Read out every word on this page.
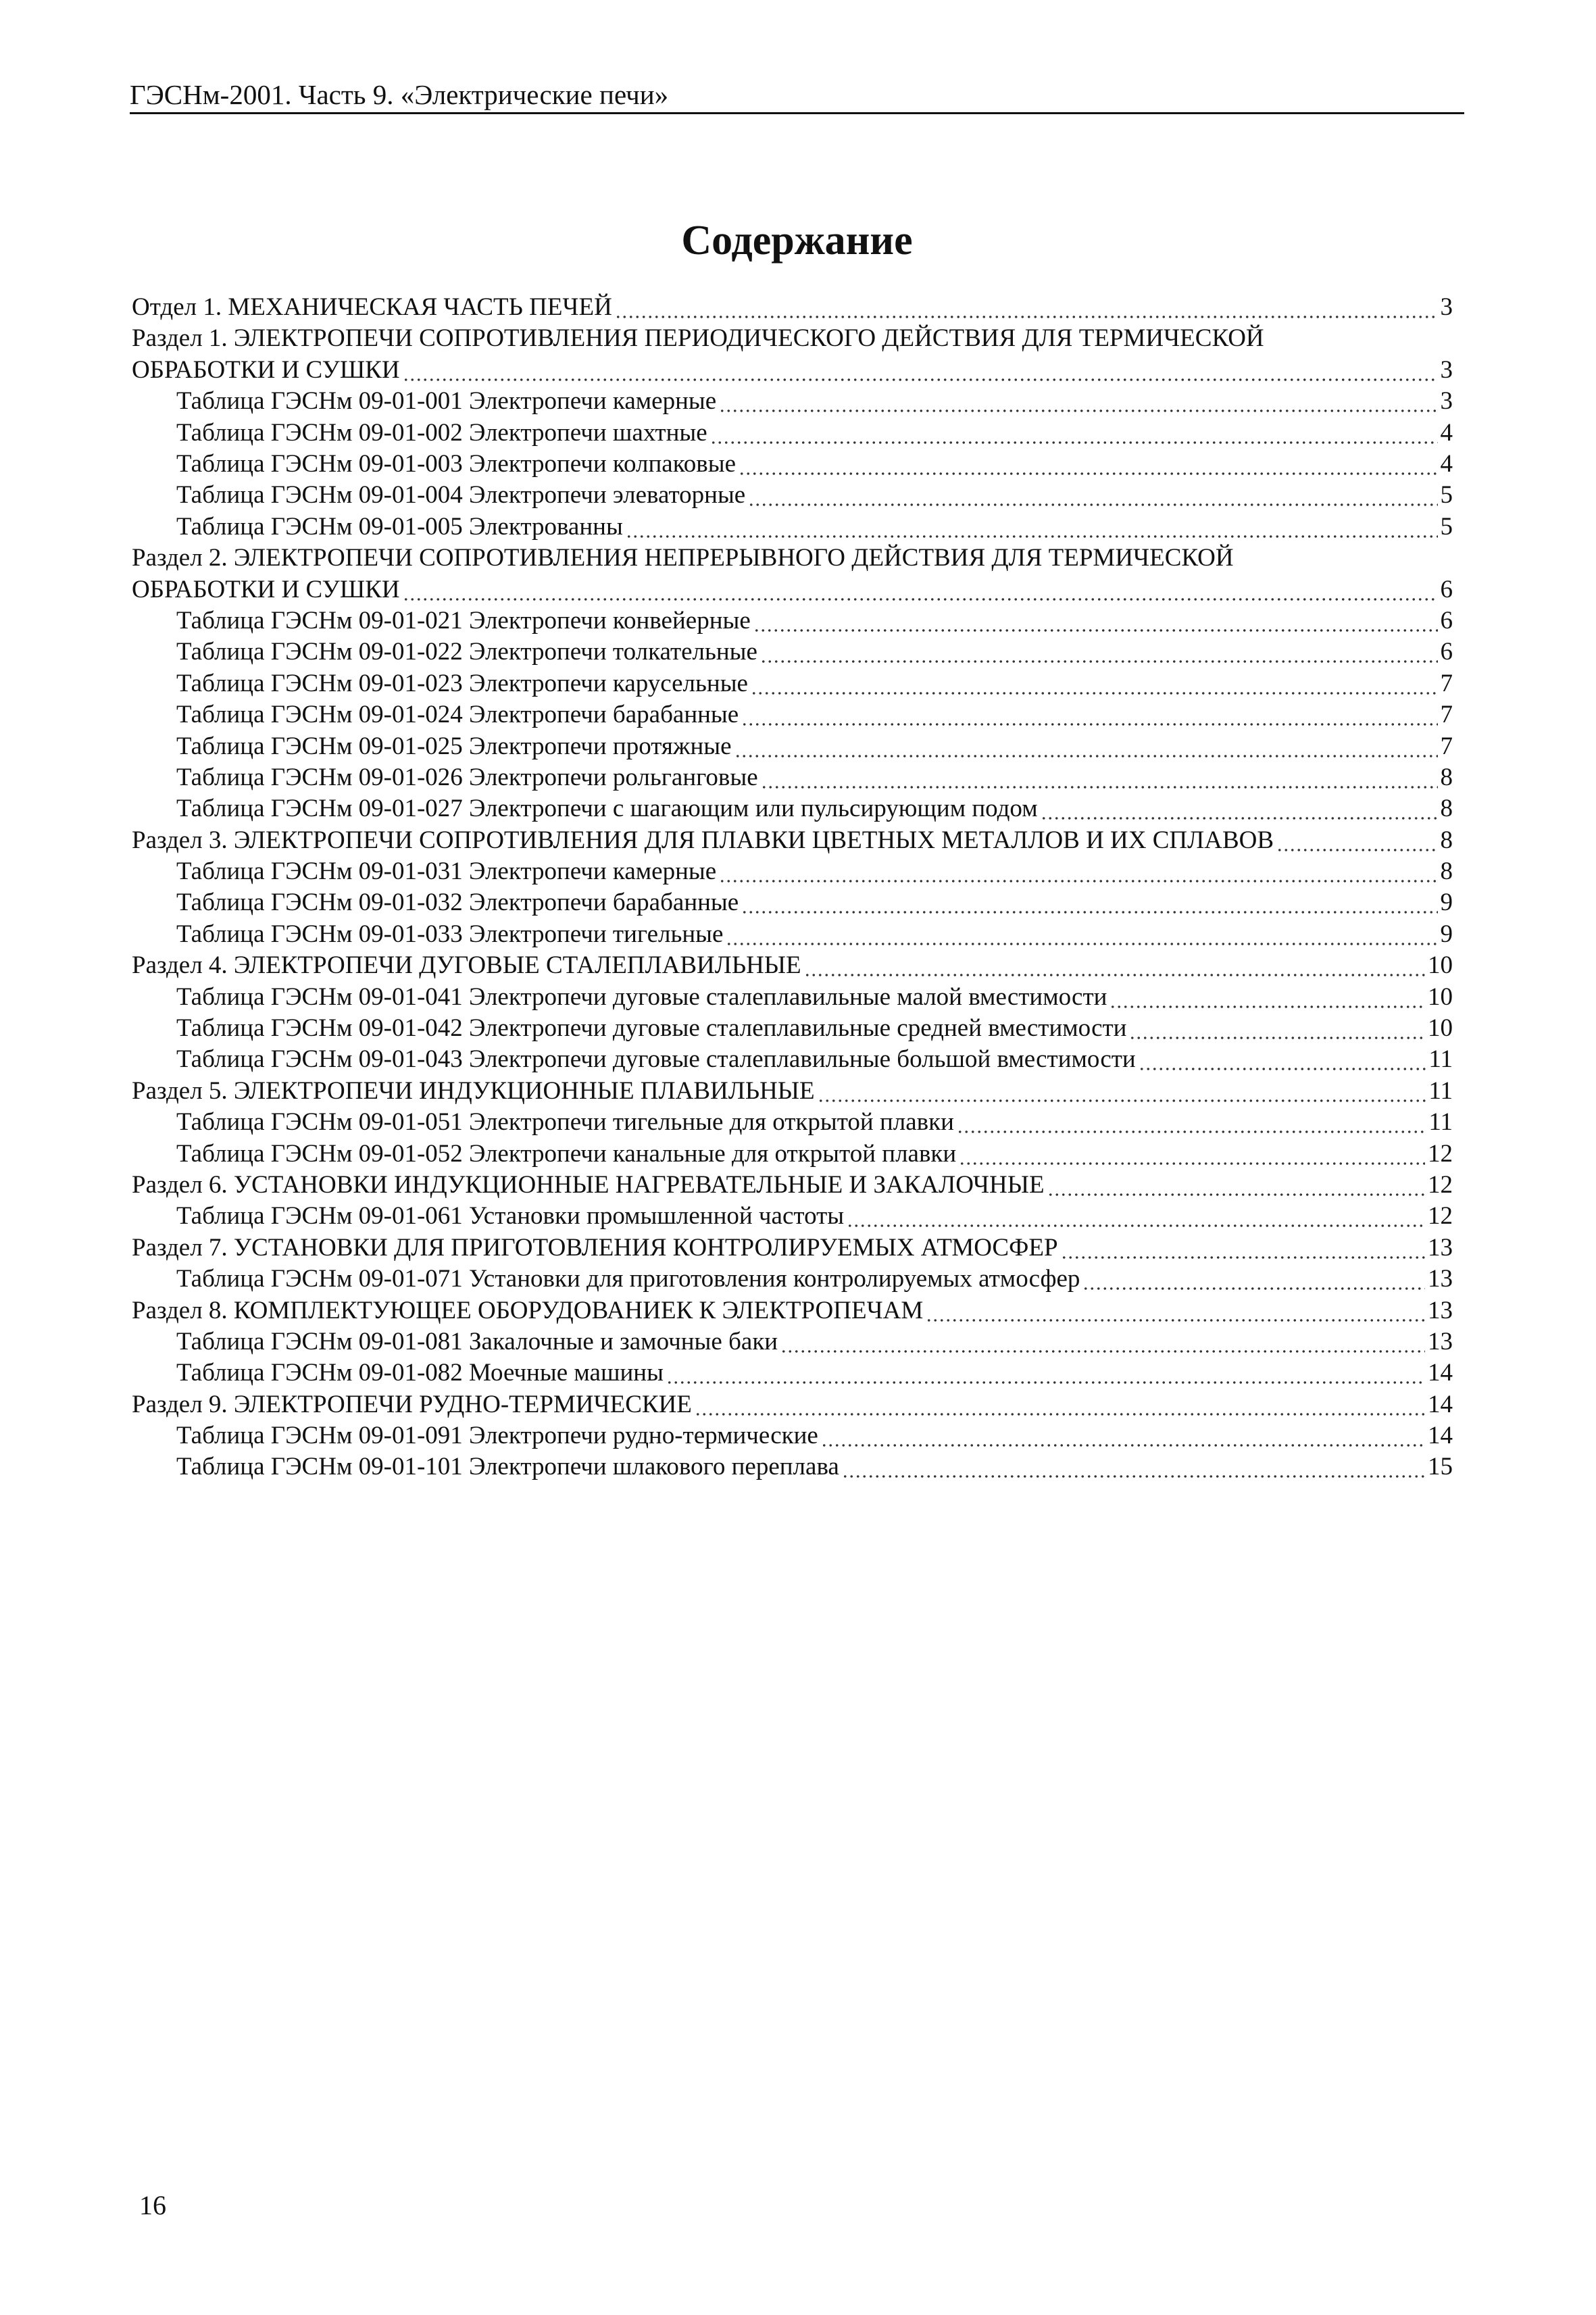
ГЭСНм-2001. Часть 9. «Электрические печи»
Содержание
Отдел 1. МЕХАНИЧЕСКАЯ ЧАСТЬ ПЕЧЕЙ	3
Раздел 1. ЭЛЕКТРОПЕЧИ СОПРОТИВЛЕНИЯ ПЕРИОДИЧЕСКОГО ДЕЙСТВИЯ ДЛЯ ТЕРМИЧЕСКОЙ
ОБРАБОТКИ И СУШКИ	3
Таблица ГЭСНм 09-01-001 Электропечи камерные	3
Таблица ГЭСНм 09-01-002 Электропечи шахтные	4
Таблица ГЭСНм 09-01-003 Электропечи колпаковые	4
Таблица ГЭСНм 09-01-004 Электропечи элеваторные	5
Таблица ГЭСНм 09-01-005 Электрованны	5
Раздел 2. ЭЛЕКТРОПЕЧИ СОПРОТИВЛЕНИЯ НЕПРЕРЫВНОГО ДЕЙСТВИЯ ДЛЯ ТЕРМИЧЕСКОЙ
ОБРАБОТКИ И СУШКИ	6
Таблица ГЭСНм 09-01-021 Электропечи конвейерные	6
Таблица ГЭСНм 09-01-022 Электропечи толкательные	6
Таблица ГЭСНм 09-01-023 Электропечи карусельные	7
Таблица ГЭСНм 09-01-024 Электропечи барабанные	7
Таблица ГЭСНм 09-01-025 Электропечи протяжные	7
Таблица ГЭСНм 09-01-026 Электропечи рольганговые	8
Таблица ГЭСНм 09-01-027 Электропечи с шагающим или пульсирующим подом	8
Раздел 3. ЭЛЕКТРОПЕЧИ СОПРОТИВЛЕНИЯ ДЛЯ ПЛАВКИ ЦВЕТНЫХ МЕТАЛЛОВ И ИХ СПЛАВОВ	8
Таблица ГЭСНм 09-01-031 Электропечи камерные	8
Таблица ГЭСНм 09-01-032 Электропечи барабанные	9
Таблица ГЭСНм 09-01-033 Электропечи тигельные	9
Раздел 4. ЭЛЕКТРОПЕЧИ ДУГОВЫЕ СТАЛЕПЛАВИЛЬНЫЕ	10
Таблица ГЭСНм 09-01-041 Электропечи дуговые сталеплавильные малой вместимости	10
Таблица ГЭСНм 09-01-042 Электропечи дуговые сталеплавильные средней вместимости	10
Таблица ГЭСНм 09-01-043 Электропечи дуговые сталеплавильные большой вместимости	11
Раздел 5. ЭЛЕКТРОПЕЧИ ИНДУКЦИОННЫЕ ПЛАВИЛЬНЫЕ	11
Таблица ГЭСНм 09-01-051 Электропечи тигельные для открытой плавки	11
Таблица ГЭСНм 09-01-052 Электропечи канальные для открытой плавки	12
Раздел 6. УСТАНОВКИ ИНДУКЦИОННЫЕ НАГРЕВАТЕЛЬНЫЕ И ЗАКАЛОЧНЫЕ	12
Таблица ГЭСНм 09-01-061 Установки промышленной частоты	12
Раздел 7. УСТАНОВКИ ДЛЯ ПРИГОТОВЛЕНИЯ КОНТРОЛИРУЕМЫХ АТМОСФЕР	13
Таблица ГЭСНм 09-01-071 Установки для приготовления контролируемых атмосфер	13
Раздел 8. КОМПЛЕКТУЮЩЕЕ ОБОРУДОВАНИЕК К ЭЛЕКТРОПЕЧАМ	13
Таблица ГЭСНм 09-01-081 Закалочные и замочные баки	13
Таблица ГЭСНм 09-01-082 Моечные машины	14
Раздел 9. ЭЛЕКТРОПЕЧИ РУДНО-ТЕРМИЧЕСКИЕ	14
Таблица ГЭСНм 09-01-091 Электропечи рудно-термические	14
Таблица ГЭСНм 09-01-101 Электропечи шлакового переплава	15
16
